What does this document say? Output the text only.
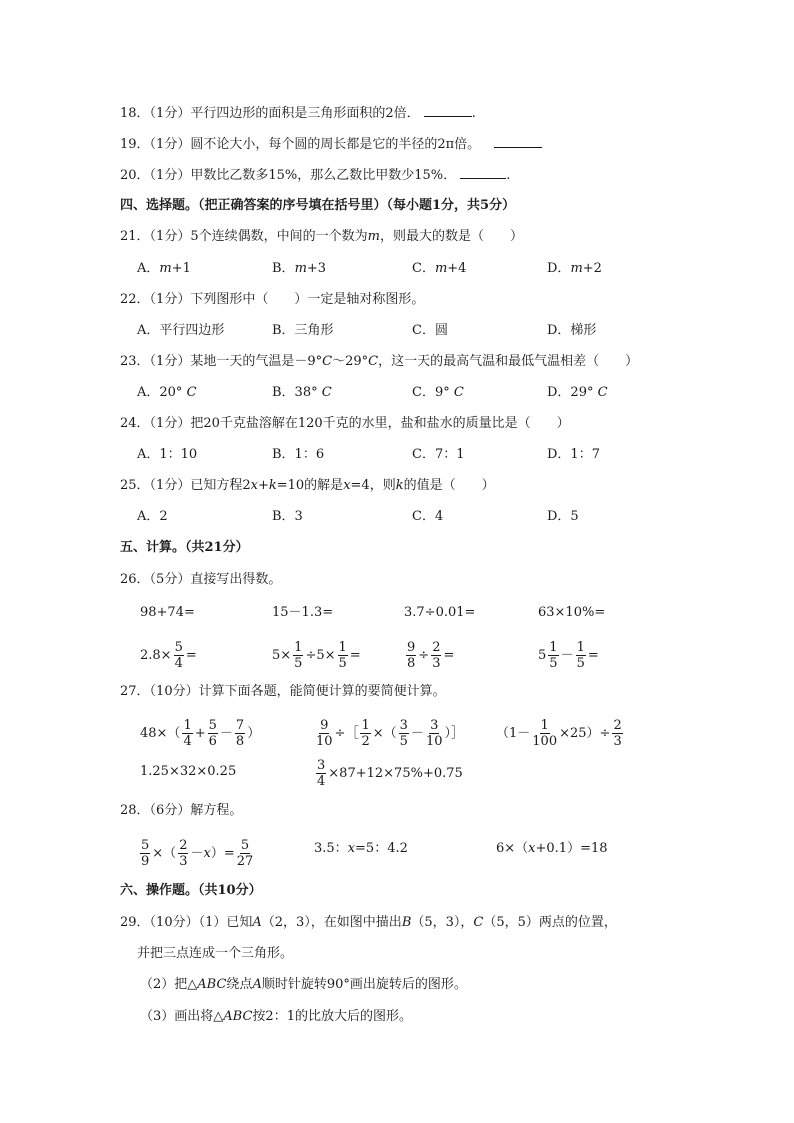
18．（1分）平行四边形的面积是三角形面积的2倍．	.
19．（1分）圆不论大小，每个圆的周长都是它的半径的2π倍。
20．（1分）甲数比乙数多15%，那么乙数比甲数少15%．	.
四、选择题。（把正确答案的序号填在括号里）（每小题1分，共5分）
21．（1分）5个连续偶数，中间的一个数为m，则最大的数是（　　）
A．m+1	B．m+3	C．m+4	D．m+2
22．（1分）下列图形中（　　）一定是轴对称图形。
A．平行四边形	B．三角形	C．圆	D．梯形
23．（1分）某地一天的气温是－9°C～29°C，这一天的最高气温和最低气温相差（　　）
A．20° C	B．38° C	C．9° C	D．29° C
24．（1分）把20千克盐溶解在120千克的水里，盐和盐水的质量比是（　　）
A．1：10	B．1：6	C．7：1	D．1：7
25．（1分）已知方程2x+k=10的解是x=4，则k的值是（　　）
A．2	B．3	C．4	D．5
五、计算。（共21分）
26．（5分）直接写出得数。
98+74=	15－1.3=	3.7÷0.01=	63×10%=
$2.8\times \frac{5}{4}$ =	$5\times \frac{1}{5} \div 5\times \frac{1}{5}$ =	$\frac{9}{8} \div \frac{2}{3}$ =	$5 \frac{1}{5} - \frac{1}{5}$ =
27．（10分）计算下面各题，能简便计算的要简便计算。
$48\times( \frac{1}{4} + \frac{5}{6} - \frac{7}{8}$ ）	$\frac{9}{10}$ ÷［ $\frac{1}{2}$ ×（ $\frac{3}{5} - \frac{3}{10}$ ）］ $(1- \frac{1}{100} \times 25)\div \frac{2}{3}$
1.25×32×0.25	$\frac{3}{4} \times 87+12\times 75\%+0.75$
28．（6分）解方程。
$\frac{5}{9}$ ×（ $\frac{2}{3} -x)= \frac{5}{27}$	3.5：x=5：4.2	6×（x+0.1）=18
六、操作题。（共10分）
29．（10分）（1）已知A（2，3），在如图中描出B（5，3），C（5，5）两点的位置，
并把三点连成一个三角形。
（2）把△ABC绕点A顺时针旋转90°画出旋转后的图形。
（3）画出将△ABC按2：1的比放大后的图形。
